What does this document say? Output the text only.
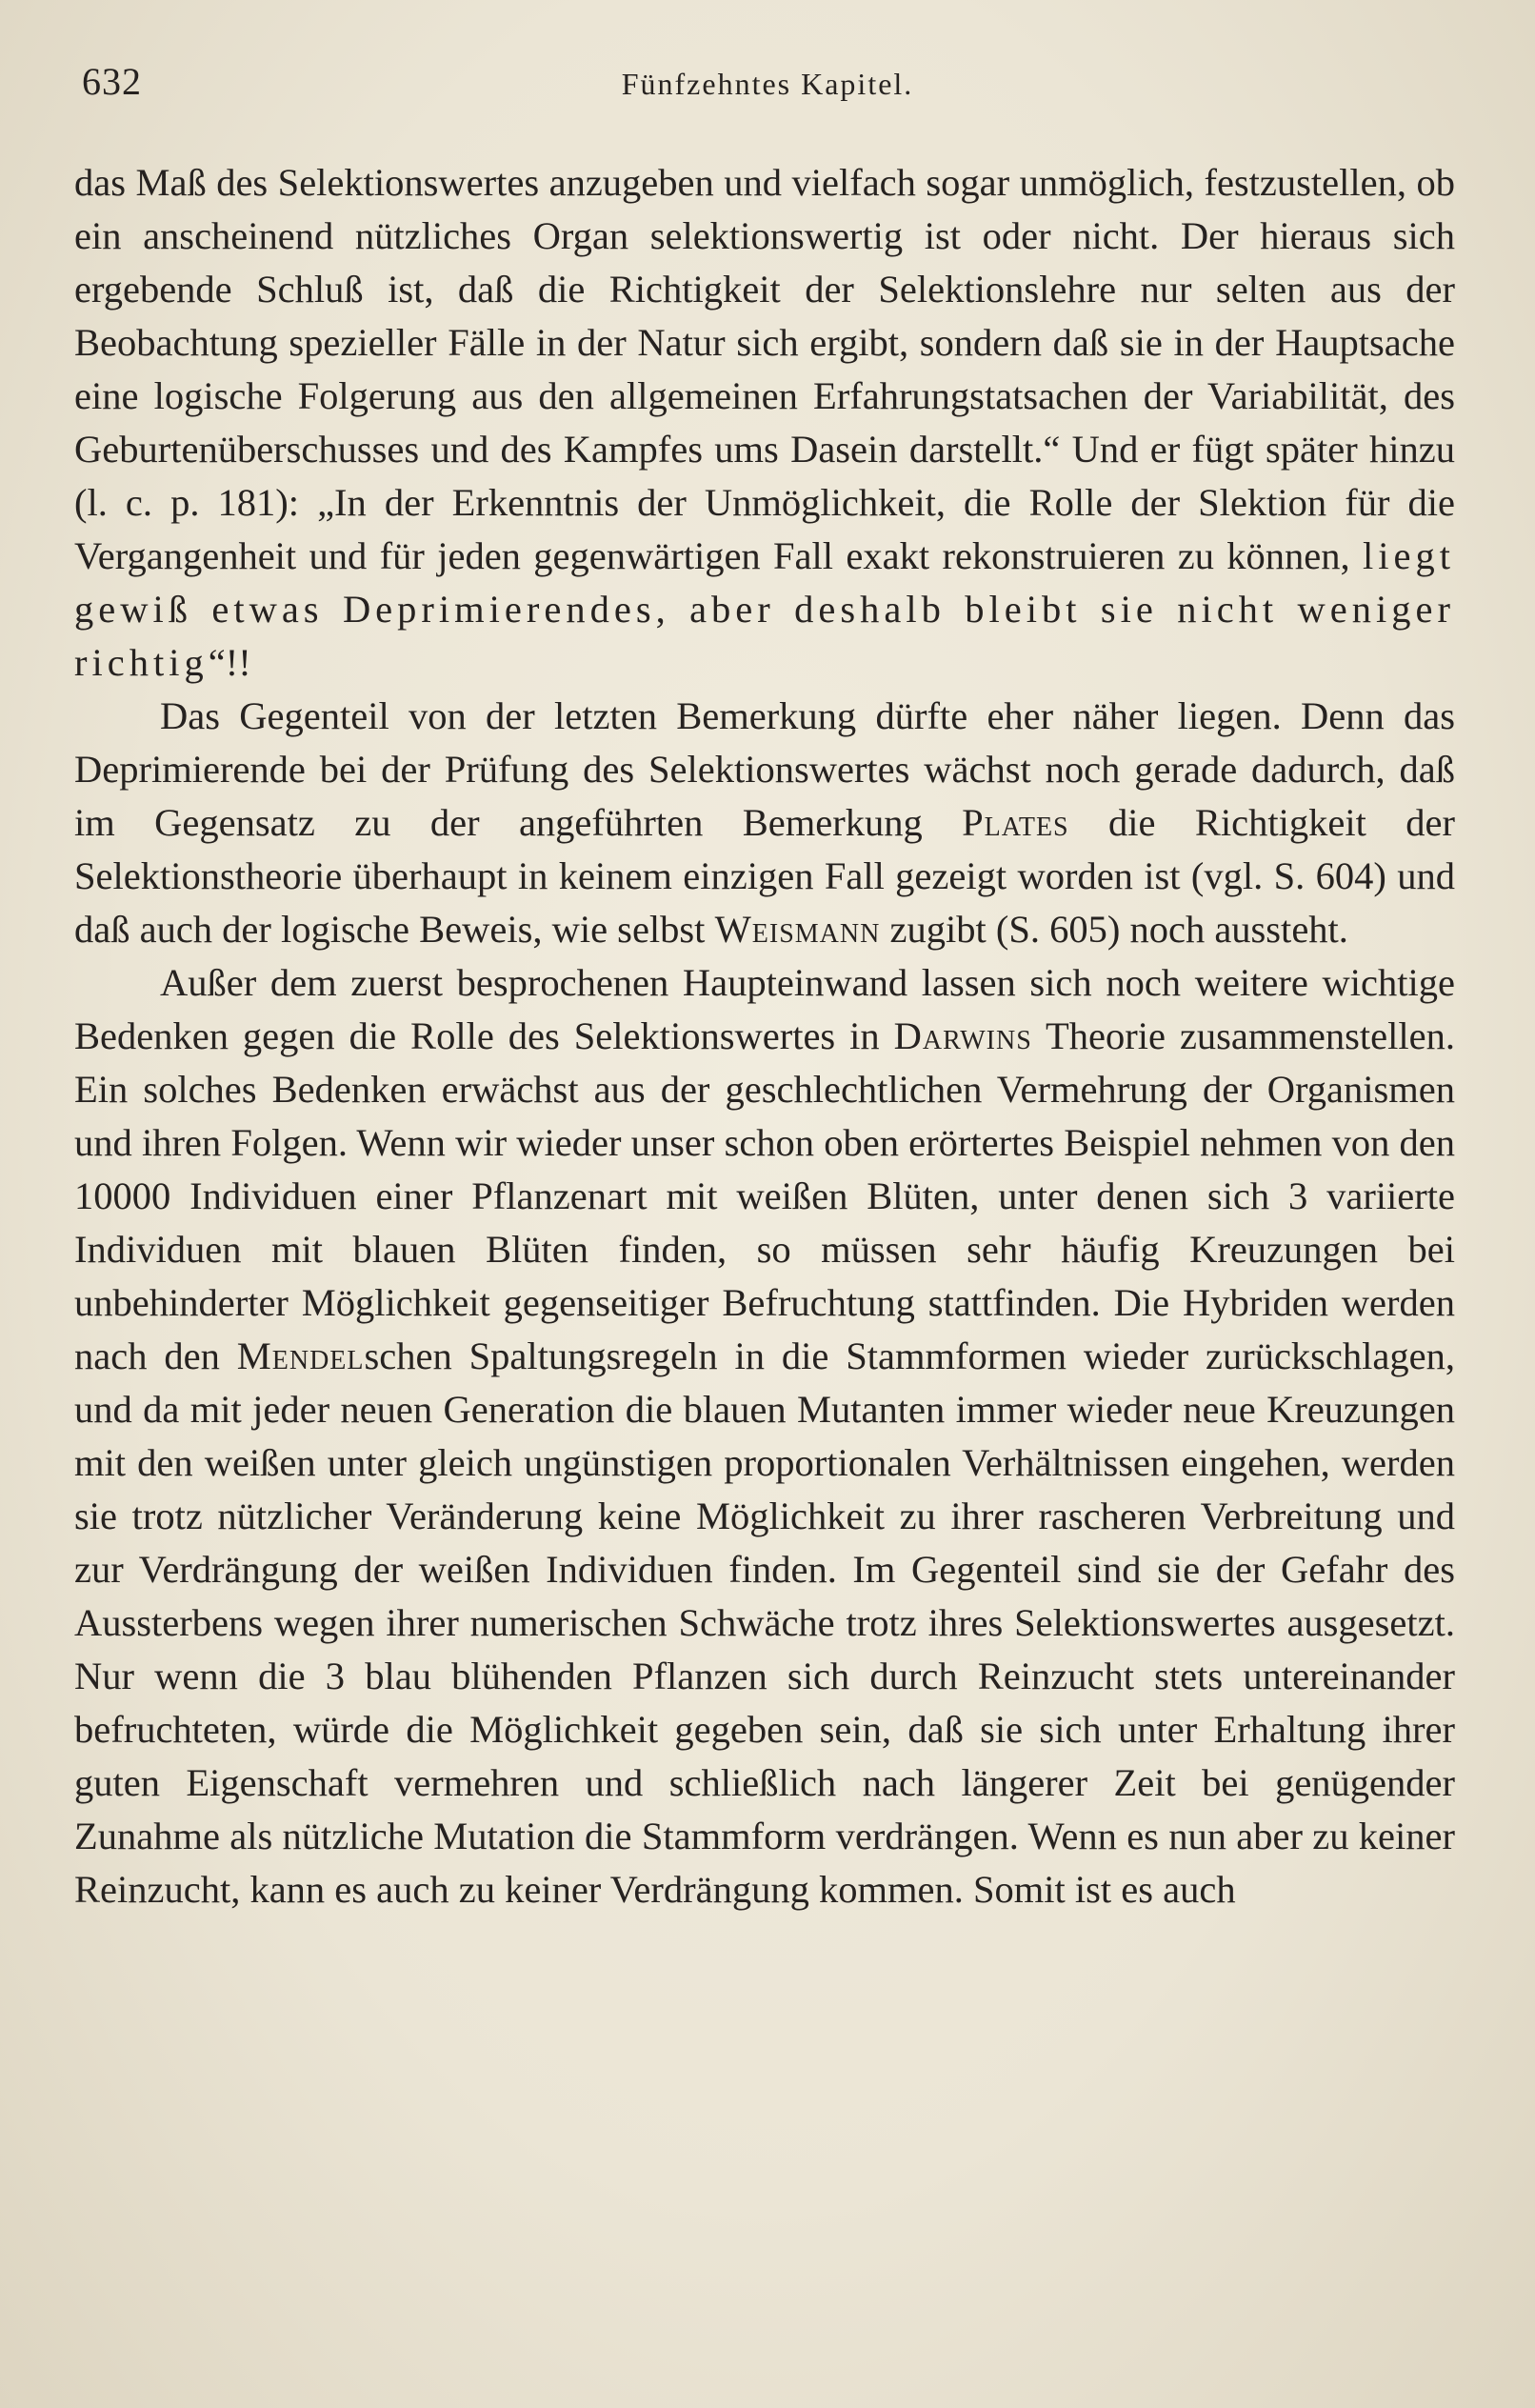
632	Fünfzehntes Kapitel.

das Maß des Selektionswertes anzugeben und vielfach sogar unmöglich, festzustellen, ob ein anscheinend nützliches Organ selektionswertig ist oder nicht. Der hieraus sich ergebende Schluß ist, daß die Richtigkeit der Selektionslehre nur selten aus der Beobachtung spezieller Fälle in der Natur sich ergibt, sondern daß sie in der Hauptsache eine logische Folgerung aus den allgemeinen Erfahrungstatsachen der Variabilität, des Geburtenüberschusses und des Kampfes ums Dasein darstellt.“ Und er fügt später hinzu (l. c. p. 181): „In der Erkenntnis der Unmöglichkeit, die Rolle der Slektion für die Vergangenheit und für jeden gegenwärtigen Fall exakt rekonstruieren zu können, liegt gewiß etwas Deprimierendes, aber deshalb bleibt sie nicht weniger richtig“!!

Das Gegenteil von der letzten Bemerkung dürfte eher näher liegen. Denn das Deprimierende bei der Prüfung des Selektionswertes wächst noch gerade dadurch, daß im Gegensatz zu der angeführten Bemerkung Plates die Richtigkeit der Selektionstheorie überhaupt in keinem einzigen Fall gezeigt worden ist (vgl. S. 604) und daß auch der logische Beweis, wie selbst Weismann zugibt (S. 605) noch aussteht.

Außer dem zuerst besprochenen Haupteinwand lassen sich noch weitere wichtige Bedenken gegen die Rolle des Selektionswertes in Darwins Theorie zusammenstellen. Ein solches Bedenken erwächst aus der geschlechtlichen Vermehrung der Organismen und ihren Folgen. Wenn wir wieder unser schon oben erörtertes Beispiel nehmen von den 10000 Individuen einer Pflanzenart mit weißen Blüten, unter denen sich 3 variierte Individuen mit blauen Blüten finden, so müssen sehr häufig Kreuzungen bei unbehinderter Möglichkeit gegenseitiger Befruchtung stattfinden. Die Hybriden werden nach den Mendelschen Spaltungsregeln in die Stammformen wieder zurückschlagen, und da mit jeder neuen Generation die blauen Mutanten immer wieder neue Kreuzungen mit den weißen unter gleich ungünstigen proportionalen Verhältnissen eingehen, werden sie trotz nützlicher Veränderung keine Möglichkeit zu ihrer rascheren Verbreitung und zur Verdrängung der weißen Individuen finden. Im Gegenteil sind sie der Gefahr des Aussterbens wegen ihrer numerischen Schwäche trotz ihres Selektionswertes ausgesetzt. Nur wenn die 3 blau blühenden Pflanzen sich durch Reinzucht stets untereinander befruchteten, würde die Möglichkeit gegeben sein, daß sie sich unter Erhaltung ihrer guten Eigenschaft vermehren und schließlich nach längerer Zeit bei genügender Zunahme als nützliche Mutation die Stammform verdrängen. Wenn es nun aber zu keiner Reinzucht, kann es auch zu keiner Verdrängung kommen. Somit ist es auch
